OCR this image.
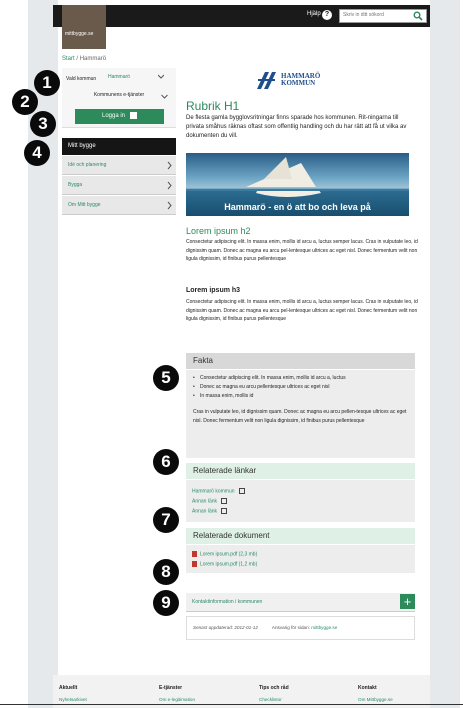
mittbygge.se
Hjälp ?
Skriv in ditt sökord
Start / Hammarö
Vald kommun Hammarö
Kommunens e-tjänster
Logga in
1
2
3
4
5
6
7
8
9
Mitt bygge
Idé och planering
Bygga
Om Mitt bygge
HAMMARÖ
KOMMUN
Rubrik H1
De flesta gamla bygglovsritningar finns sparade hos kommunen. Rit-ningarna till privata småhus räknas oftast som offentlig handling och du har rätt att få ut vilka av dokumenten du vill.
Hammarö - en ö att bo och leva på
Lorem ipsum h2
Consectetur adipiscing elit. In massa enim, mollis id arcu a, luctus semper lacus. Cras in vulputate leo, id dignissim quam. Donec ac magna eu arcu pel-lentesque ultrices ac eget nisl. Donec fermentum velit non ligula dignissim, id finibus purus pellentesque
Lorem ipsum h3
Consectetur adipiscing elit. In massa enim, mollis id arcu a, luctus semper lacus. Cras in vulputate leo, id dignissim quam. Donec ac magna eu arcu pel-lentesque ultrices ac eget nisl. Donec fermentum velit non ligula dignissim, id finibus purus pellentesque
Fakta
• Consectetur adipiscing elit. In massa enim, mollis id arcu a, luctus
• Donec ac magna eu arcu pellentesque ultrices ac eget nisl
• In massa enim, mollis id

Cras in vulputate leo, id dignissim quam. Donec ac magna eu arcu pellen-tesque ultrices ac eget nisl. Donec fermentum velit non ligula dignissim, id finibus purus pellentesque

Relaterade länkar
Hammarö kommun
Annan länk
Annan länk
Relaterade dokument
Lorem ipsum.pdf (2,3 mb)
Lorem ipsum.pdf (1,2 mb)
Kontaktinformation i kommunen	+
Senast uppdaterad: 2012-01-12	Ansvarig för sidan: mittbygge.se
Aktuellt
Nyhetsarkivet
E-tjänster
Om e-legitimation
Tips och råd
Checklistor
Kontakt
Om Mittbygge.se
